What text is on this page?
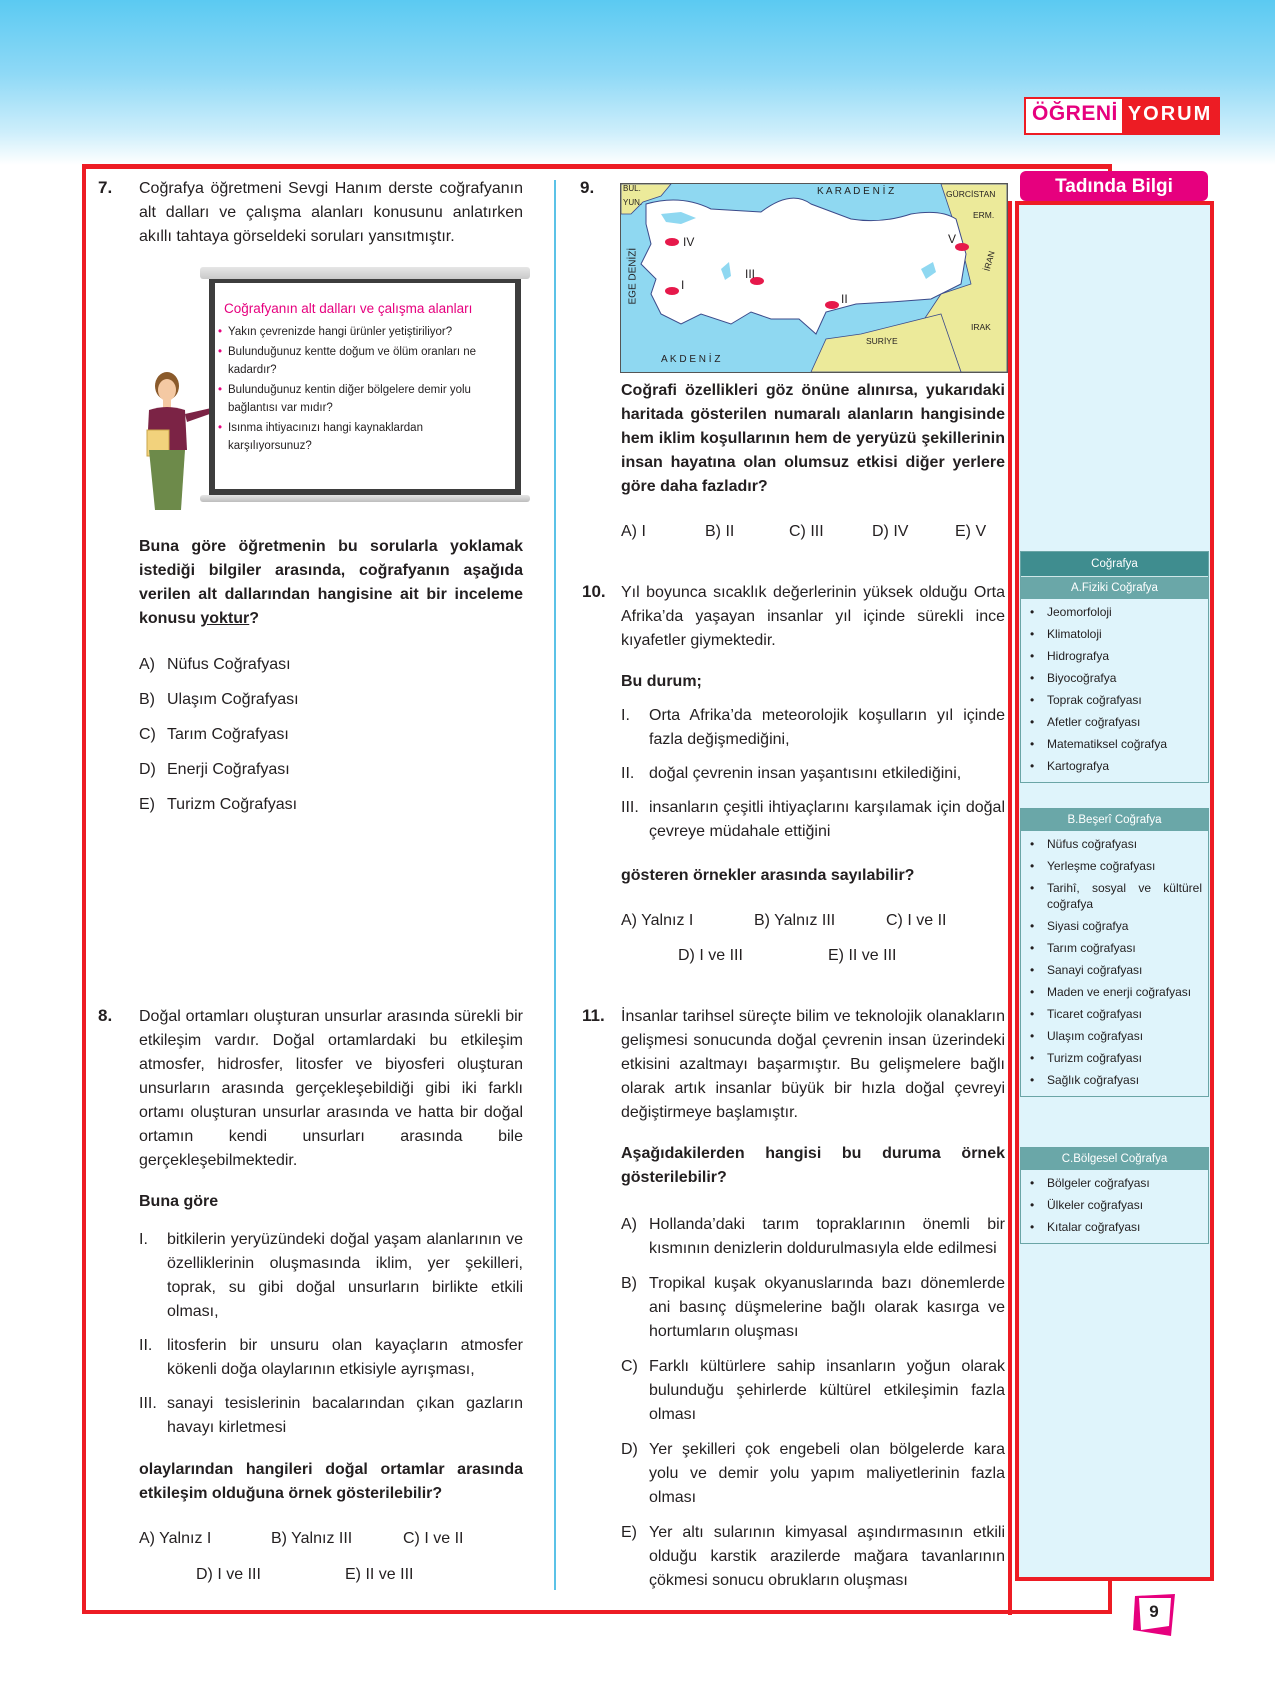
ÖĞRENİ YORUM
7. Coğrafya öğretmeni Sevgi Hanım derste coğrafyanın alt dalları ve çalışma alanları konusunu anlatırken akıllı tahtaya görseldeki soruları yansıtmıştır.
Coğrafyanın alt dalları ve çalışma alanları
• Yakın çevrenizde hangi ürünler yetiştiriliyor?
• Bulunduğunuz kentte doğum ve ölüm oranları ne kadardır?
• Bulunduğunuz kentin diğer bölgelere demir yolu bağlantısı var mıdır?
• Isınma ihtiyacınızı hangi kaynaklardan karşılıyorsunuz?
Buna göre öğretmenin bu sorularla yoklamak istediği bilgiler arasında, coğrafyanın aşağıda verilen alt dallarından hangisine ait bir inceleme konusu yoktur?
A) Nüfus Coğrafyası
B) Ulaşım Coğrafyası
C) Tarım Coğrafyası
D) Enerji Coğrafyası
E) Turizm Coğrafyası
8. Doğal ortamları oluşturan unsurlar arasında sürekli bir etkileşim vardır. Doğal ortamlardaki bu etkileşim atmosfer, hidrosfer, litosfer ve biyosferi oluşturan unsurların arasında gerçekleşebildiği gibi iki farklı ortamı oluşturan unsurlar arasında ve hatta bir doğal ortamın kendi unsurları arasında bile gerçekleşebilmektedir.
Buna göre
I.	bitkilerin yeryüzündeki doğal yaşam alanlarının ve özelliklerinin oluşmasında iklim, yer şekilleri, toprak, su gibi doğal unsurların birlikte etkili olması,
II. litosferin bir unsuru olan kayaçların atmosfer kökenli doğa olaylarının etkisiyle ayrışması,
III. sanayi tesislerinin bacalarından çıkan gazların havayı kirletmesi
olaylarından hangileri doğal ortamlar arasında etkileşim olduğuna örnek gösterilebilir?
A) Yalnız I	B) Yalnız III	C) I ve II
D) I ve III	E) II ve III
9.	BUL.
YUN.
K A R A D E N İ Z	GÜRCİSTAN
ERM.
İRAN
IRAK
SURİYE
A K D E N İ Z
EGE DENİZİ	I
II
III
IV	V
Coğrafi özellikleri göz önüne alınırsa, yukarıdaki haritada gösterilen numaralı alanların hangisinde hem iklim koşullarının hem de yeryüzü şekillerinin insan hayatına olan olumsuz etkisi diğer yerlere göre daha fazladır?
A) I	B) II	C) III	D) IV	E) V
10. Yıl boyunca sıcaklık değerlerinin yüksek olduğu Orta Afrika’da yaşayan insanlar yıl içinde sürekli ince kıyafetler giymektedir.
Bu durum;
I.	Orta Afrika’da meteorolojik koşulların yıl içinde fazla değişmediğini,
II. doğal çevrenin insan yaşantısını etkilediğini,
III. insanların çeşitli ihtiyaçlarını karşılamak için doğal çevreye müdahale ettiğini
gösteren örnekler arasında sayılabilir?
A) Yalnız I	B) Yalnız III	C) I ve II
D) I ve III	E) II ve III
11. İnsanlar tarihsel süreçte bilim ve teknolojik olanakların gelişmesi sonucunda doğal çevrenin insan üzerindeki etkisini azaltmayı başarmıştır. Bu gelişmelere bağlı olarak artık insanlar büyük bir hızla doğal çevreyi değiştirmeye başlamıştır.
Aşağıdakilerden hangisi bu duruma örnek gösterilebilir?
A) Hollanda’daki tarım topraklarının önemli bir kısmının denizlerin doldurulmasıyla elde edilmesi
B) Tropikal kuşak okyanuslarında bazı dönemlerde ani basınç düşmelerine bağlı olarak kasırga ve hortumların oluşması
C) Farklı kültürlere sahip insanların yoğun olarak bulunduğu şehirlerde kültürel etkileşimin fazla olması
D) Yer şekilleri çok engebeli olan bölgelerde kara yolu ve demir yolu yapım maliyetlerinin fazla olması
E) Yer altı sularının kimyasal aşındırmasının etkili olduğu karstik arazilerde mağara tavanlarının çökmesi sonucu obrukların oluşması
Tadında Bilgi
Coğrafya
A.Fiziki Coğrafya
• Jeomorfoloji
• Klimatoloji
• Hidrografya
• Biyocoğrafya
• Toprak coğrafyası
• Afetler coğrafyası
• Matematiksel coğrafya
• Kartografya
B.Beşerî Coğrafya
• Nüfus coğrafyası
• Yerleşme coğrafyası
• Tarihî, sosyal ve kültürel coğrafya
• Siyasi coğrafya
• Tarım coğrafyası
• Sanayi coğrafyası
• Maden ve enerji coğrafyası
• Ticaret coğrafyası
• Ulaşım coğrafyası
• Turizm coğrafyası
• Sağlık coğrafyası
C.Bölgesel Coğrafya
• Bölgeler coğrafyası
• Ülkeler coğrafyası
• Kıtalar coğrafyası
9
